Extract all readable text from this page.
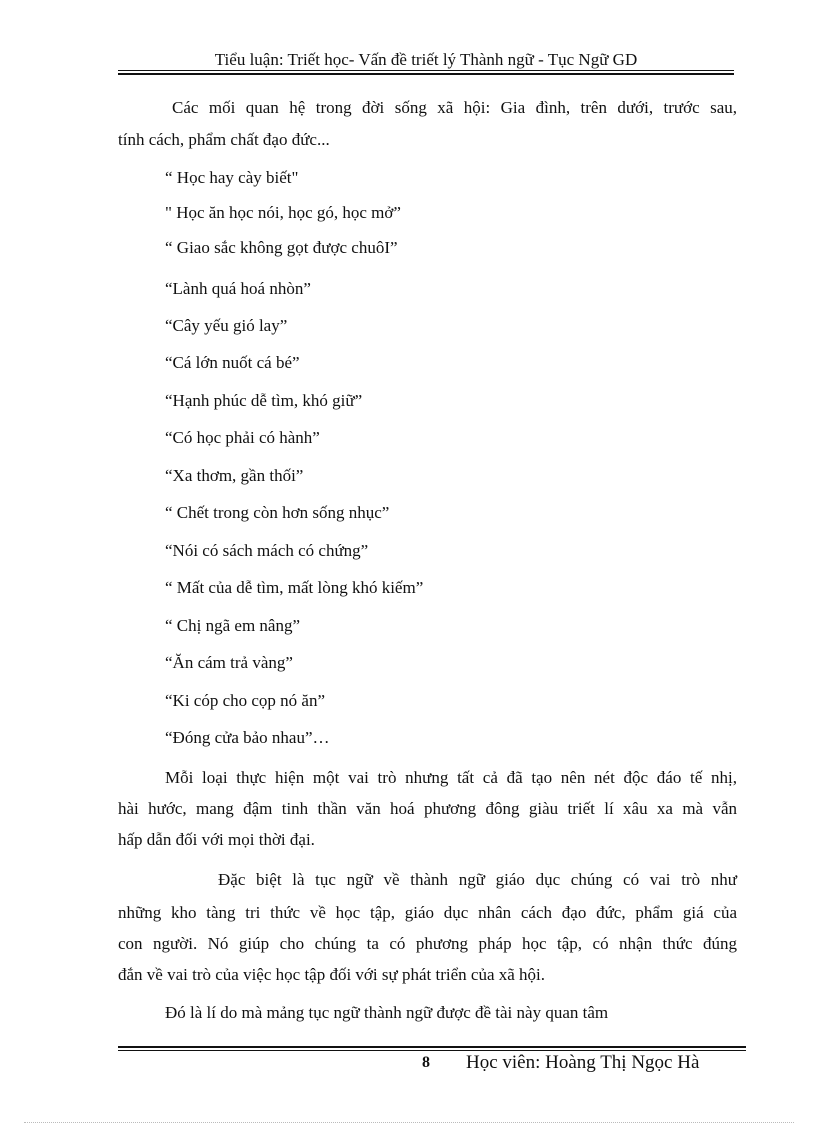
Tiểu luận: Triết học- Vấn đề triết lý Thành ngữ - Tục Ngữ GD
Các mối quan hệ trong đời sống xã hội: Gia đình, trên dưới, trước sau,
tính cách, phẩm chất đạo đức...
“ Học hay cày biết"
" Học ăn học nói, học gó, học mở”
“ Giao sắc không gọt được chuôI”
“Lành quá hoá nhòn”
“Cây yếu gió lay”
“Cá lớn nuốt cá bé”
“Hạnh phúc dễ tìm, khó giữ”
“Có học phải có hành”
“Xa thơm, gần thối”
“ Chết trong còn hơn sống nhục”
“Nói có sách mách có chứng”
“ Mất của dễ tìm, mất lòng khó kiếm”
“ Chị ngã em nâng”
“Ăn cám trả vàng”
“Ki cóp cho cọp nó ăn”
“Đóng cửa bảo nhau”…
Mỗi loại thực hiện một vai trò nhưng tất cả đã tạo nên nét độc đáo tế nhị,
hài hước, mang đậm tinh thần văn hoá phương đông giàu triết lí xâu xa mà vẫn
hấp dẫn đối với mọi thời đại.
Đặc biệt là tục ngữ về thành ngữ giáo dục chúng có vai trò như
những kho tàng tri thức về học tập, giáo dục nhân cách đạo đức, phẩm giá của
con người. Nó giúp cho chúng ta có phương pháp học tập, có nhận thức đúng
đắn về vai trò của việc học tập đối với sự phát triển của xã hội.
Đó là lí do mà mảng tục ngữ thành ngữ được đề tài này quan tâm
8 Học viên: Hoàng Thị Ngọc Hà
